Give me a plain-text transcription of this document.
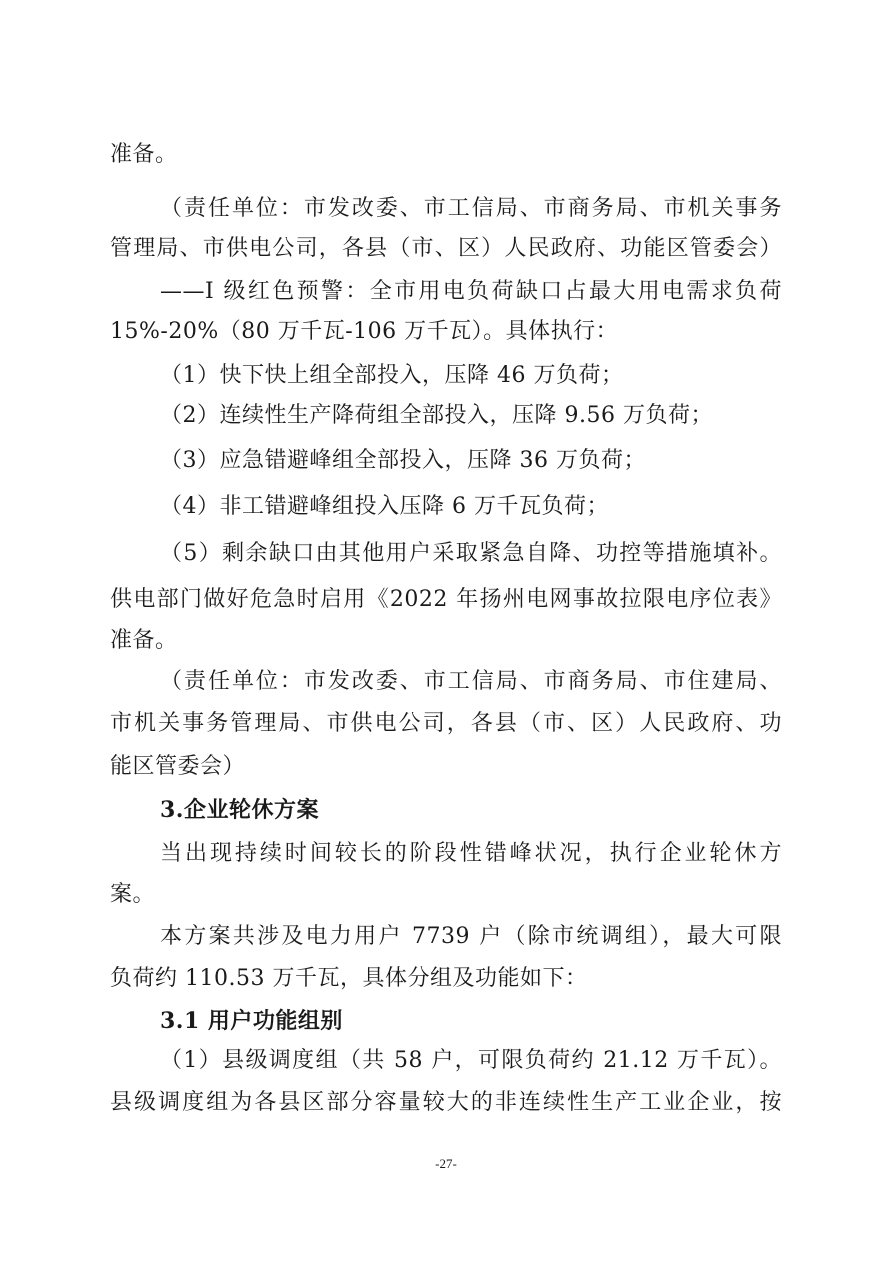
准备。
（责任单位：市发改委、市工信局、市商务局、市机关事务
管理局、市供电公司，各县（市、区）人民政府、功能区管委会）
——I 级红色预警：全市用电负荷缺口占最大用电需求负荷
15%-20%（80 万千瓦-106 万千瓦）。具体执行：
（1）快下快上组全部投入，压降 46 万负荷；
（2）连续性生产降荷组全部投入，压降 9.56 万负荷；
（3）应急错避峰组全部投入，压降 36 万负荷；
（4）非工错避峰组投入压降 6 万千瓦负荷；
（5）剩余缺口由其他用户采取紧急自降、功控等措施填补。
供电部门做好危急时启用《2022 年扬州电网事故拉限电序位表》
准备。
（责任单位：市发改委、市工信局、市商务局、市住建局、
市机关事务管理局、市供电公司，各县（市、区）人民政府、功
能区管委会）
3.企业轮休方案
当出现持续时间较长的阶段性错峰状况，执行企业轮休方
案。
本方案共涉及电力用户 7739 户（除市统调组），最大可限
负荷约 110.53 万千瓦，具体分组及功能如下：
3.1 用户功能组别
（1）县级调度组（共 58 户，可限负荷约 21.12 万千瓦）。
县级调度组为各县区部分容量较大的非连续性生产工业企业，按
-27-
